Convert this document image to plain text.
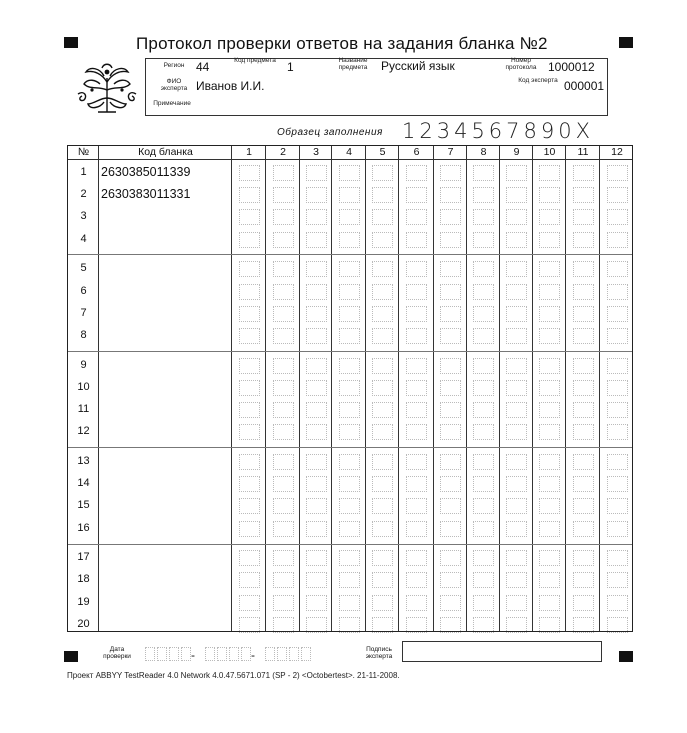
Протокол проверки ответов на задания бланка №2
Регион 44	Код предмета 1	Название предмета	Русский язык	Номер протокола 1000012
ФИО эксперта Иванов И.И.	Код эксперта 000001
Примечание
Образец заполнения 1234567890X
№	Код бланка	1	2	3	4	5	6	7	8	9	10	11	12
1	2630385011339
2	2630383011331
3
4
5
6
7
8
9
10
11
12
13
14
15
16
17
18
19
20
Дата проверки	-	-	Подпись эксперта
Проект ABBYY TestReader 4.0 Network 4.0.47.5671.071 (SP - 2) <Octobertest>. 21-11-2008.
